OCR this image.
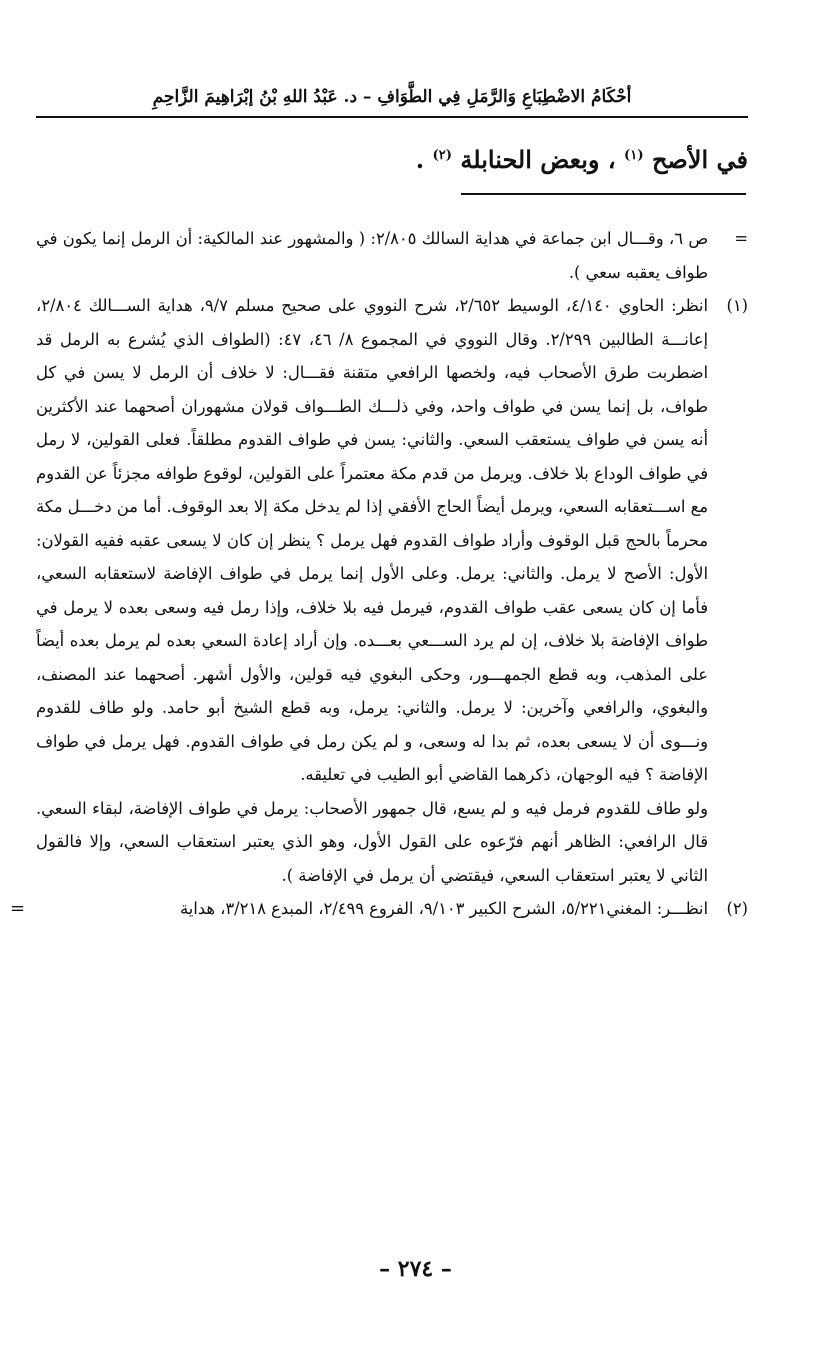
أحْكَامُ الاضْطِبَاعِ وَالرَّمَلِ فِي الطَّوَافِ – د. عَبْدُ اللهِ بْنُ إبْرَاهِيمَ الزَّاحِمِ
في الأصح $^{(١)}$ ، وبعض الحنابلة $^{(٢)}$ .
=
ص ٦، وقـــال ابن جماعة في هداية السالك ٢/٨٠٥: ( والمشهور عند المالكية: أن الرمل إنما يكون في طواف يعقبه سعي ).
(١)
انظر: الحاوي ٤/١٤٠، الوسيط ٢/٦٥٢، شرح النووي على صحيح مسلم ٩/٧، هداية الســـالك ٢/٨٠٤، إعانـــة الطالبين ٢/٢٩٩. وقال النووي في المجموع ٨/ ٤٦، ٤٧: (الطواف الذي يُشرع به الرمل قد اضطربت طرق الأصحاب فيه، ولخصها الرافعي متقنة فقـــال: لا خلاف أن الرمل لا يسن في كل طواف، بل إنما يسن في طواف واحد، وفي ذلـــك الطـــواف قولان مشهوران أصحهما عند الأكثرين أنه يسن في طواف يستعقب السعي. والثاني: يسن في طواف القدوم مطلقاً. فعلى القولين، لا رمل في طواف الوداع بلا خلاف. ويرمل من قدم مكة معتمراً على القولين، لوقوع طوافه مجزئاً عن القدوم مع اســـتعقابه السعي، ويرمل أيضاً الحاج الأفقي إذا لم يدخل مكة إلا بعد الوقوف. أما من دخـــل مكة محرماً بالحج قبل الوقوف وأراد طواف القدوم فهل يرمل ؟ ينظر إن كان لا يسعى عقبه ففيه القولان: الأول: الأصح لا يرمل. والثاني: يرمل. وعلى الأول إنما يرمل في طواف الإفاضة لاستعقابه السعي، فأما إن كان يسعى عقب طواف القدوم، فيرمل فيه بلا خلاف، وإذا رمل فيه وسعى بعده لا يرمل في طواف الإفاضة بلا خلاف، إن لم يرد الســـعي بعـــده. وإن أراد إعادة السعي بعده لم يرمل بعده أيضاً على المذهب، وبه قطع الجمهـــور، وحكى البغوي فيه قولين، والأول أشهر. أصحهما عند المصنف، والبغوي، والرافعي وآخرين: لا يرمل. والثاني: يرمل، وبه قطع الشيخ أبو حامد. ولو طاف للقدوم ونـــوى أن لا يسعى بعده، ثم بدا له وسعى، و لم يكن رمل في طواف القدوم. فهل يرمل في طواف الإفاضة ؟ فيه الوجهان، ذكرهما القاضي أبو الطيب في تعليقه.
ولو طاف للقدوم فرمل فيه و لم يسع، قال جمهور الأصحاب: يرمل في طواف الإفاضة، لبقاء السعي. قال الرافعي: الظاهر أنهم فرّعوه على القول الأول، وهو الذي يعتبر استعقاب السعي، وإلا فالقول الثاني لا يعتبر استعقاب السعي، فيقتضي أن يرمل في الإفاضة ).
(٢)
انظـــر: المغني٥/٢٢١، الشرح الكبير ٩/١٠٣، الفروع ٢/٤٩٩، المبدع ٣/٢١٨، هداية
=
– ٢٧٤ –
